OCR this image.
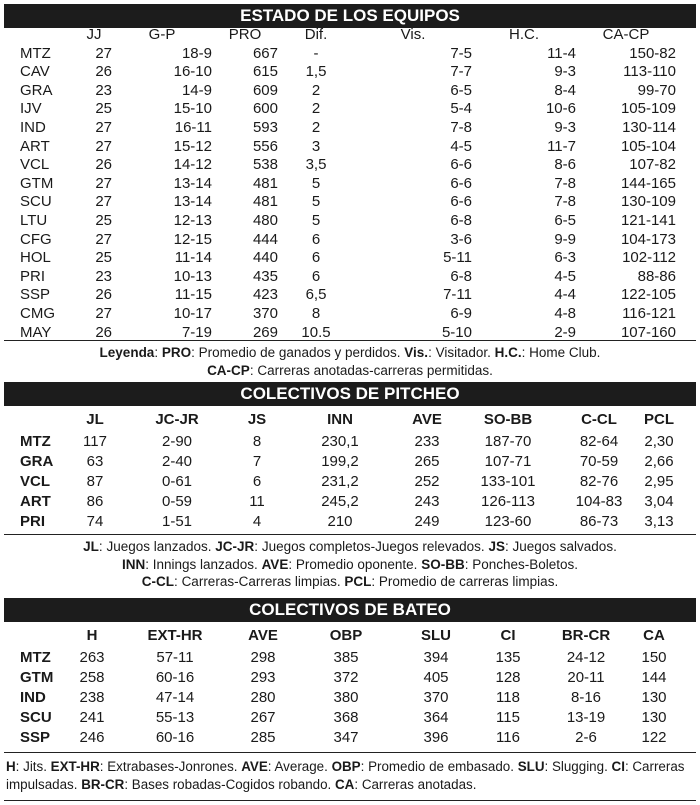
ESTADO DE LOS EQUIPOS
	JJ	G-P	PRO	Dif.	Vis.	H.C.	CA-CP
MTZ	27	18-9	667	-	7-5	11-4	150-82
CAV	26	16-10	615	1,5	7-7	9-3	113-110
GRA	23	14-9	609	2	6-5	8-4	99-70
IJV	25	15-10	600	2	5-4	10-6	105-109
IND	27	16-11	593	2	7-8	9-3	130-114
ART	27	15-12	556	3	4-5	11-7	105-104
VCL	26	14-12	538	3,5	6-6	8-6	107-82
GTM	27	13-14	481	5	6-6	7-8	144-165
SCU	27	13-14	481	5	6-6	7-8	130-109
LTU	25	12-13	480	5	6-8	6-5	121-141
CFG	27	12-15	444	6	3-6	9-9	104-173
HOL	25	11-14	440	6	5-11	6-3	102-112
PRI	23	10-13	435	6	6-8	4-5	88-86
SSP	26	11-15	423	6,5	7-11	4-4	122-105
CMG	27	10-17	370	8	6-9	4-8	116-121
MAY	26	7-19	269	10.5	5-10	2-9	107-160
Leyenda: PRO: Promedio de ganados y perdidos. Vis.: Visitador. H.C.: Home Club.
CA-CP: Carreras anotadas-carreras permitidas.
COLECTIVOS DE PITCHEO
	JL	JC-JR	JS	INN	AVE	SO-BB	C-CL	PCL
MTZ	117	2-90	8	230,1	233	187-70	82-64	2,30
GRA	63	2-40	7	199,2	265	107-71	70-59	2,66
VCL	87	0-61	6	231,2	252	133-101	82-76	2,95
ART	86	0-59	11	245,2	243	126-113	104-83	3,04
PRI	74	1-51	4	210	249	123-60	86-73	3,13
JL: Juegos lanzados. JC-JR: Juegos completos-Juegos relevados. JS: Juegos salvados.
INN: Innings lanzados. AVE: Promedio oponente. SO-BB: Ponches-Boletos.
C-CL: Carreras-Carreras limpias. PCL: Promedio de carreras limpias.
COLECTIVOS DE BATEO
	H	EXT-HR	AVE	OBP	SLU	CI	BR-CR	CA
MTZ	263	57-11	298	385	394	135	24-12	150
GTM	258	60-16	293	372	405	128	20-11	144
IND	238	47-14	280	380	370	118	8-16	130
SCU	241	55-13	267	368	364	115	13-19	130
SSP	246	60-16	285	347	396	116	2-6	122
H: Jits. EXT-HR: Extrabases-Jonrones. AVE: Average. OBP: Promedio de embasado. SLU: Slugging. CI: Carreras
impulsadas. BR-CR: Bases robadas-Cogidos robando. CA: Carreras anotadas.
